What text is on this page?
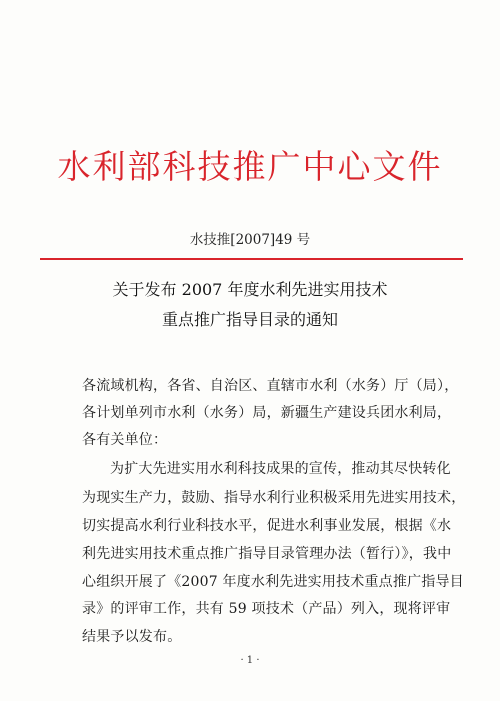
水利部科技推广中心文件
水技推[2007]49 号
关于发布 2007 年度水利先进实用技术
重点推广指导目录的通知
各流域机构，各省、自治区、直辖市水利（水务）厅（局），
各计划单列市水利（水务）局，新疆生产建设兵团水利局，
各有关单位：
为扩大先进实用水利科技成果的宣传，推动其尽快转化
为现实生产力，鼓励、指导水利行业积极采用先进实用技术，
切实提高水利行业科技水平，促进水利事业发展，根据《水
利先进实用技术重点推广指导目录管理办法（暂行）》，我中
心组织开展了《2007 年度水利先进实用技术重点推广指导目
录》的评审工作，共有 59 项技术（产品）列入，现将评审
结果予以发布。
· 1 ·
